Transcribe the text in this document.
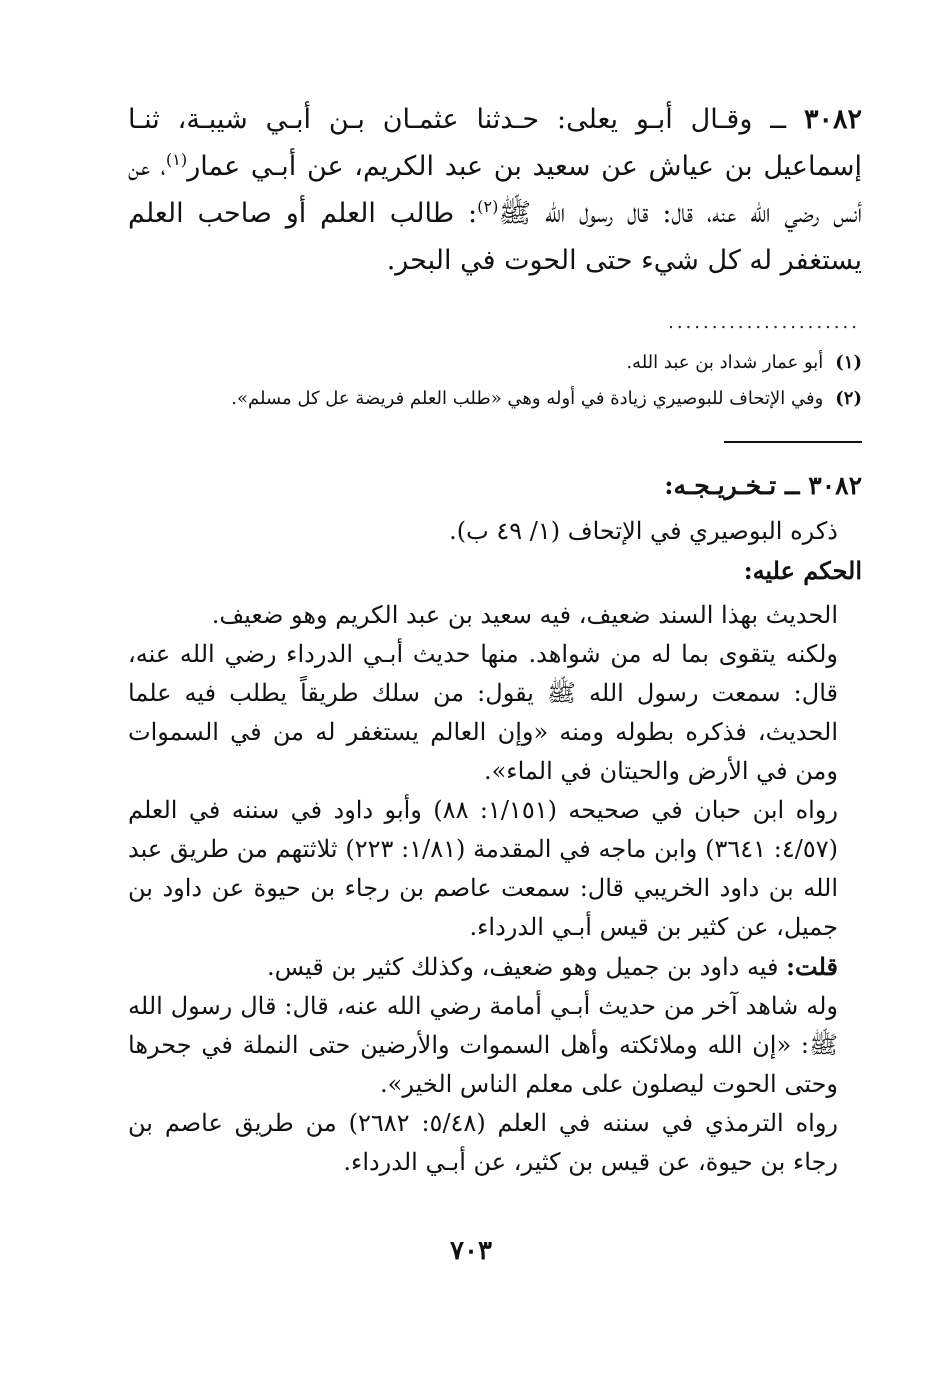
٣٠٨٢ ــ وقـال أبـو يعلى: حـدثنا عثمـان بـن أبـي شيبـة، ثنـا إسماعيل بن عياش عن سعيد بن عبد الكريم، عن أبـي عمار$^{(١)}$، عن أنس رضي الله عنه، قال: قال رسول الله ﷺ$^{(٢)}$: طالب العلم أو صاحب العلم يستغفر له كل شيء حتى الحوت في البحر.
......................
(١)أبو عمار شداد بن عبد الله.
(٢)وفي الإتحاف للبوصيري زيادة في أوله وهي «طلب العلم فريضة عل كل مسلم».
٣٠٨٢ ــ تـخـريـجـه:

ذكره البوصيري في الإتحاف (١/ ٤٩ ب).

الحكم عليه:

الحديث بهذا السند ضعيف، فيه سعيد بن عبد الكريم وهو ضعيف.

ولكنه يتقوى بما له من شواهد. منها حديث أبـي الدرداء رضي الله عنه، قال: سمعت رسول الله ﷺ يقول: من سلك طريقاً يطلب فيه علما الحديث، فذكره بطوله ومنه «وإن العالم يستغفر له من في السموات ومن في الأرض والحيتان في الماء».

رواه ابن حبان في صحيحه (١/١٥١: ٨٨) وأبو داود في سننه في العلم (٤/٥٧: ٣٦٤١) وابن ماجه في المقدمة (١/٨١: ٢٢٣) ثلاثتهم من طريق عبد الله بن داود الخريبي قال: سمعت عاصم بن رجاء بن حيوة عن داود بن جميل، عن كثير بن قيس أبـي الدرداء.

قلت: فيه داود بن جميل وهو ضعيف، وكذلك كثير بن قيس.

وله شاهد آخر من حديث أبـي أمامة رضي الله عنه، قال: قال رسول الله ﷺ: «إن الله وملائكته وأهل السموات والأرضين حتى النملة في جحرها وحتى الحوت ليصلون على معلم الناس الخير».

رواه الترمذي في سننه في العلم (٥/٤٨: ٢٦٨٢) من طريق عاصم بن رجاء بن حيوة، عن قيس بن كثير، عن أبـي الدرداء.

٧٠٣
